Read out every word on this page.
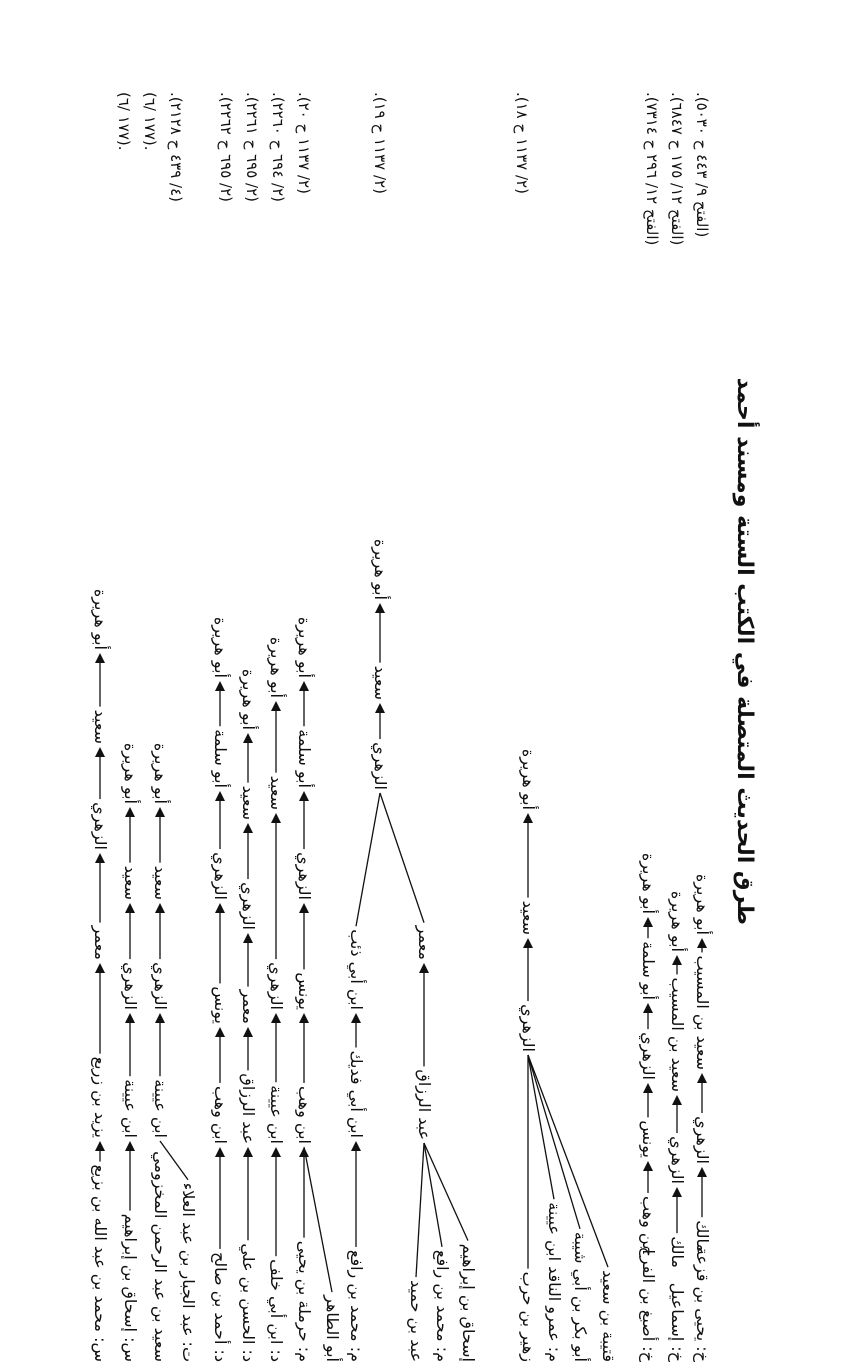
طرق الحديث المتصلة في الكتب الستة ومسند أحمد
خ: يحيى بن قزعة
مالك
الزهري
سعيد بن المسيب
أبو هريرة
خ: إسماعيل
مالك
الزهري
سعيد بن المسيب
أبو هريرة
خ: أصبغ بن الفرج
ابن وهب
يونس
الزهري
أبو سلمة
أبو هريرة
(الفتح ۹/ ٤٤٣ ح ٥٠٣٠).
(الفتح ۱۲/ ۱۷٥ ح ٦٨٤٧).
(الفتح ۱۲/ ۲۹٦ ح ٧٣١٤).
قتيبة بن سعيد
أبو بكر بن أبي شيبة
م: عمرو الناقد ابن عيينة
زهير بن حرب
الزهري
سعيد
أبو هريرة
(۲/ ۱۱۳۷ ح ۱۸).
إسحاق بن إبراهيم
م: محمد بن رافع
عبد بن حميد
عبد الرزاق
معمر
م: محمد بن رافع
ابن أبي فديك
ابن أبي ذئب
الزهري
سعيد
أبو هريرة
(۲/ ۱۱۳۷ ح ۱۹).
أبو الطاهر
م: حرملة بن يحيى
ابن وهب
يونس
الزهري
أبو سلمة
أبو هريرة
د: ابن أبي خلف
ابن عيينة
الزهري
سعيد
أبو هريرة
د: الحسن بن علي
عبد الرزاق
معمر
الزهري
سعيد
أبو هريرة
د: أحمد بن صالح
ابن وهب
يونس
الزهري
أبو سلمة
أبو هريرة
(۲/ ۱۱۳۷ ح ۲۰).
(۲/ ٦۹٤ ح ۲۲٦۰).
(۲/ ٦۹٥ ح ۲۲٦۱).
(۲/ ٦۹٥ ح ۲۲٦۲).
ت: عبد الجبار بن عبد العلاء
سعيد بن عبد الرحمن المخزومي
ابن عيينة
الزهري
سعيد
أبو هريرة
س: إسحاق بن إبراهيم
ابن عيينة
الزهري
سعيد
أبو هريرة
س: محمد بن عبد الله بن بزيع
يزيد بن زريع
معمر
الزهري
سعيد
أبو هريرة
(٤/ ٤۳۹ ح ۲۱۲۸).
(٦/ ۱۷۷).
(٦/ ۱۷۷).
